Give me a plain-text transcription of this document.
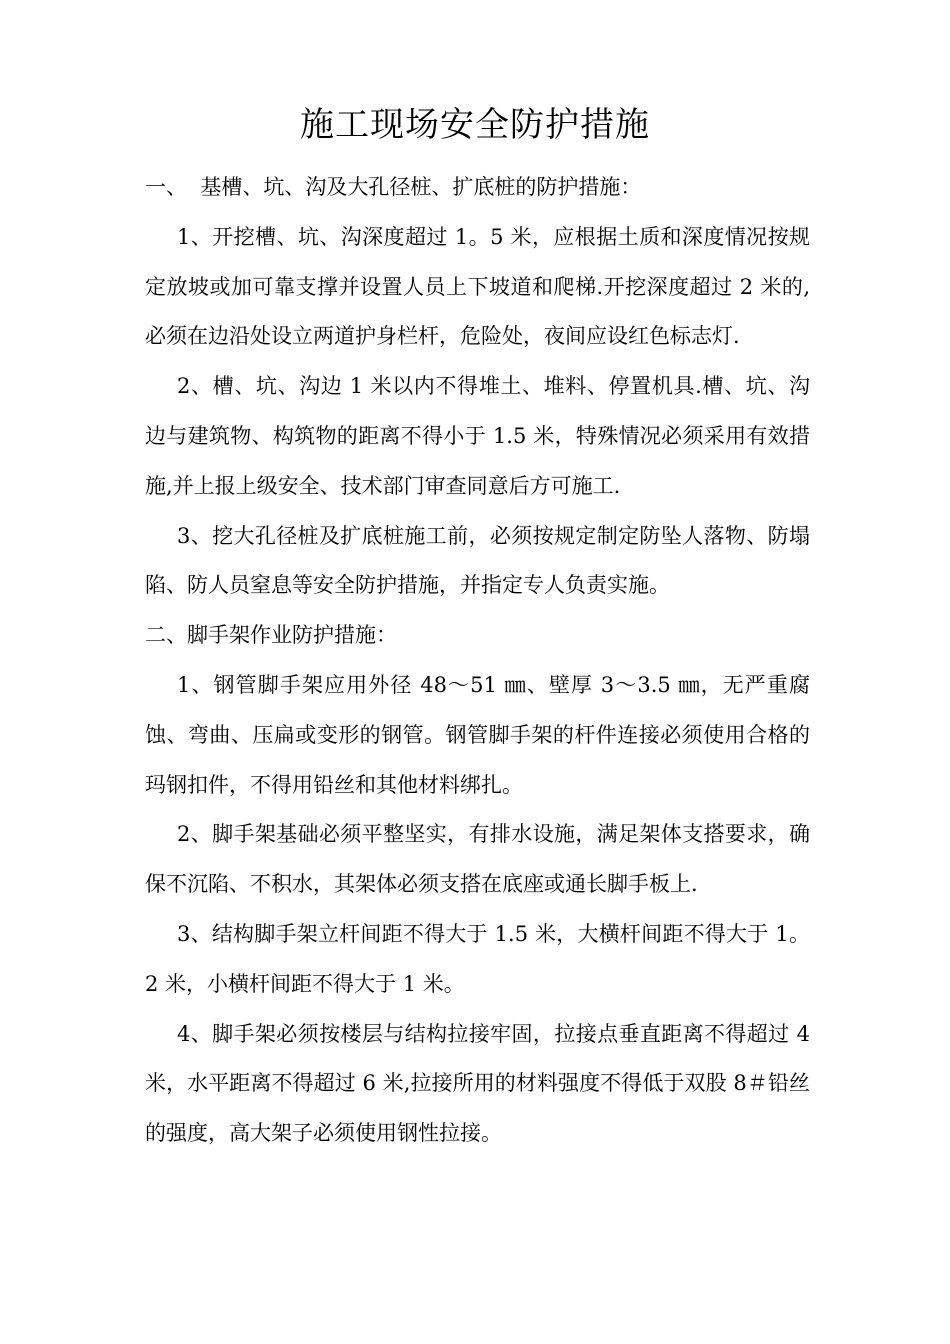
施工现场安全防护措施

一、  基槽、坑、沟及大孔径桩、扩底桩的防护措施：

1、开挖槽、坑、沟深度超过 1。5 米，应根据土质和深度情况按规定放坡或加可靠支撑并设置人员上下坡道和爬梯.开挖深度超过 2 米的,必须在边沿处设立两道护身栏杆，危险处，夜间应设红色标志灯.

2、槽、坑、沟边 1 米以内不得堆土、堆料、停置机具.槽、坑、沟边与建筑物、构筑物的距离不得小于 1.5 米，特殊情况必须采用有效措施,并上报上级安全、技术部门审查同意后方可施工.

3、挖大孔径桩及扩底桩施工前，必须按规定制定防坠人落物、防塌陷、防人员窒息等安全防护措施，并指定专人负责实施。

二、脚手架作业防护措施：

1、钢管脚手架应用外径 48～51 ㎜、壁厚 3～3.5 ㎜，无严重腐蚀、弯曲、压扁或变形的钢管。钢管脚手架的杆件连接必须使用合格的玛钢扣件，不得用铅丝和其他材料绑扎。

2、脚手架基础必须平整坚实，有排水设施，满足架体支搭要求，确保不沉陷、不积水，其架体必须支搭在底座或通长脚手板上.

3、结构脚手架立杆间距不得大于 1.5 米，大横杆间距不得大于 1。2 米，小横杆间距不得大于 1 米。

4、脚手架必须按楼层与结构拉接牢固，拉接点垂直距离不得超过 4 米，水平距离不得超过 6 米,拉接所用的材料强度不得低于双股 8＃铅丝的强度，高大架子必须使用钢性拉接。
